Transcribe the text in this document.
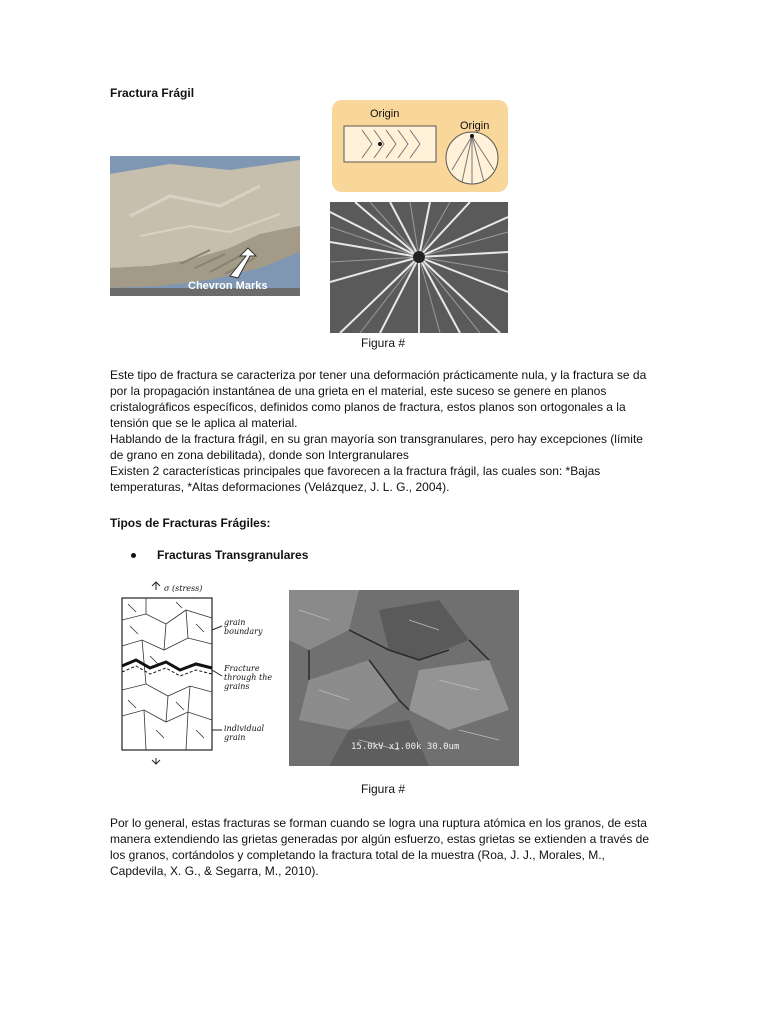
Fractura Frágil
Chevron Marks
Origin
Origin
Figura #
Este tipo de fractura se caracteriza por tener una deformación prácticamente nula, y la fractura se da por la propagación instantánea de una grieta en el material, este suceso se genere en planos cristalográficos específicos, definidos como planos de fractura, estos planos son ortogonales a la tensión que se le aplica al material.
Hablando de la fractura frágil, en su gran mayoría son transgranulares, pero hay excepciones (límite de grano en zona debilitada), donde son Intergranulares
Existen 2 características principales que favorecen a la fractura frágil, las cuales son: *Bajas temperaturas, *Altas deformaciones (Velázquez, J. L. G., 2004).
Tipos de Fracturas Frágiles:
Fracturas Transgranulares
σ (stress)
grain boundary
Fracture through the grains
individual grain
15.0kV x1.00k 30.0um
Figura #
Por lo general, estas fracturas se forman cuando se logra una ruptura atómica en los granos, de esta manera extendiendo las grietas generadas por algún esfuerzo, estas grietas se extienden a través de los granos, cortándolos y completando la fractura total de la muestra (Roa, J. J., Morales, M., Capdevila, X. G., & Segarra, M., 2010).
